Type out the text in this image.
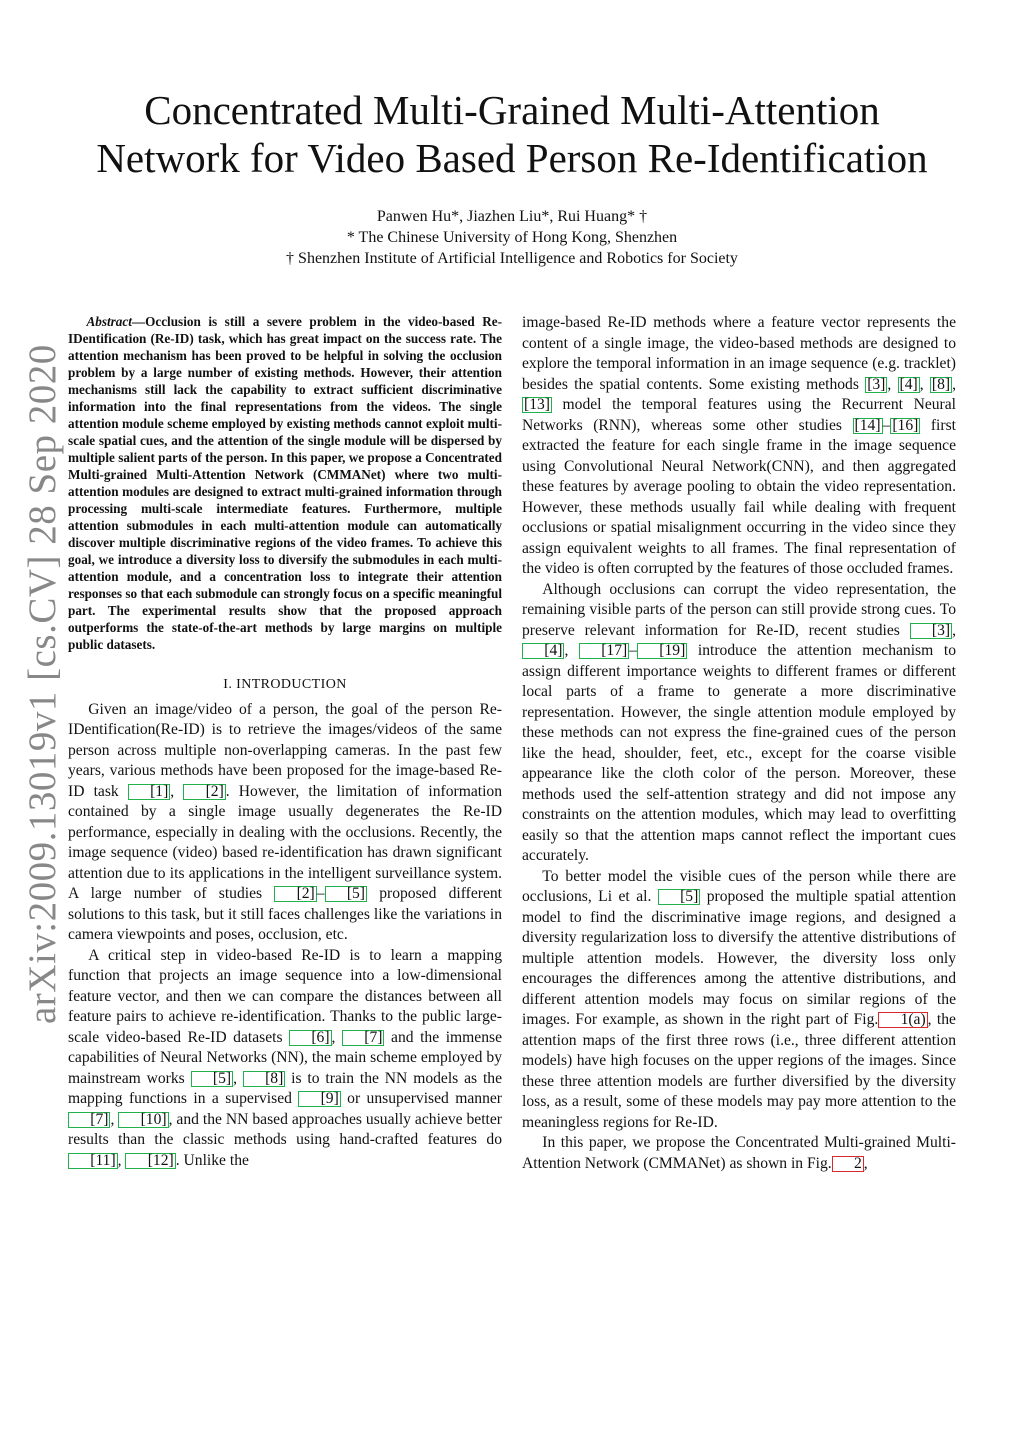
Concentrated Multi-Grained Multi-Attention
Network for Video Based Person Re-Identification
Panwen Hu*, Jiazhen Liu*, Rui Huang* †
* The Chinese University of Hong Kong, Shenzhen
† Shenzhen Institute of Artificial Intelligence and Robotics for Society
arXiv:2009.13019v1 [cs.CV] 28 Sep 2020

Abstract—Occlusion is still a severe problem in the video-based Re-IDentification (Re-ID) task, which has great impact on the success rate. The attention mechanism has been proved to be helpful in solving the occlusion problem by a large number of existing methods. However, their attention mechanisms still lack the capability to extract sufficient discriminative information into the final representations from the videos. The single attention module scheme employed by existing methods cannot exploit multi-scale spatial cues, and the attention of the single module will be dispersed by multiple salient parts of the person. In this paper, we propose a Concentrated Multi-grained Multi-Attention Network (CMMANet) where two multi-attention modules are designed to extract multi-grained information through processing multi-scale intermediate features. Furthermore, multiple attention submodules in each multi-attention module can automatically discover multiple discriminative regions of the video frames. To achieve this goal, we introduce a diversity loss to diversify the submodules in each multi-attention module, and a concentration loss to integrate their attention responses so that each submodule can strongly focus on a specific meaningful part. The experimental results show that the proposed approach outperforms the state-of-the-art methods by large margins on multiple public datasets.

I. INTRODUCTION

Given an image/video of a person, the goal of the person Re-IDentification(Re-ID) is to retrieve the images/videos of the same person across multiple non-overlapping cameras. In the past few years, various methods have been proposed for the image-based Re-ID task [1] , [2] . However, the limitation of information contained by a single image usually degenerates the Re-ID performance, especially in dealing with the occlusions. Recently, the image sequence (video) based re-identification has drawn significant attention due to its applications in the intelligent surveillance system. A large number of studies [2] – [5] proposed different solutions to this task, but it still faces challenges like the variations in camera viewpoints and poses, occlusion, etc.

A critical step in video-based Re-ID is to learn a mapping function that projects an image sequence into a low-dimensional feature vector, and then we can compare the distances between all feature pairs to achieve re-identification. Thanks to the public large-scale video-based Re-ID datasets [6] , [7] and the immense capabilities of Neural Networks (NN), the main scheme employed by mainstream works [5] , [8] is to train the NN models as the mapping functions in a supervised [9] or unsupervised manner [7] , [10] , and the NN based approaches usually achieve better results than the classic methods using hand-crafted features do [11] , [12] . Unlike the

image-based Re-ID methods where a feature vector represents the content of a single image, the video-based methods are designed to explore the temporal information in an image sequence (e.g. tracklet) besides the spatial contents. Some existing methods [3] , [4] , [8] , [13] model the temporal features using the Recurrent Neural Networks (RNN), whereas some other studies [14] – [16] first extracted the feature for each single frame in the image sequence using Convolutional Neural Network(CNN), and then aggregated these features by average pooling to obtain the video representation. However, these methods usually fail while dealing with frequent occlusions or spatial misalignment occurring in the video since they assign equivalent weights to all frames. The final representation of the video is often corrupted by the features of those occluded frames.

Although occlusions can corrupt the video representation, the remaining visible parts of the person can still provide strong cues. To preserve relevant information for Re-ID, recent studies [3] , [4] , [17] – [19] introduce the attention mechanism to assign different importance weights to different frames or different local parts of a frame to generate a more discriminative representation. However, the single attention module employed by these methods can not express the fine-grained cues of the person like the head, shoulder, feet, etc., except for the coarse visible appearance like the cloth color of the person. Moreover, these methods used the self-attention strategy and did not impose any constraints on the attention modules, which may lead to overfitting easily so that the attention maps cannot reflect the important cues accurately.

To better model the visible cues of the person while there are occlusions, Li et al. [5] proposed the multiple spatial attention model to find the discriminative image regions, and designed a diversity regularization loss to diversify the attentive distributions of multiple attention models. However, the diversity loss only encourages the differences among the attentive distributions, and different attention models may focus on similar regions of the images. For example, as shown in the right part of Fig. 1(a) , the attention maps of the first three rows (i.e., three different attention models) have high focuses on the upper regions of the images. Since these three attention models are further diversified by the diversity loss, as a result, some of these models may pay more attention to the meaningless regions for Re-ID.

In this paper, we propose the Concentrated Multi-grained Multi-Attention Network (CMMANet) as shown in Fig. 2 ,
